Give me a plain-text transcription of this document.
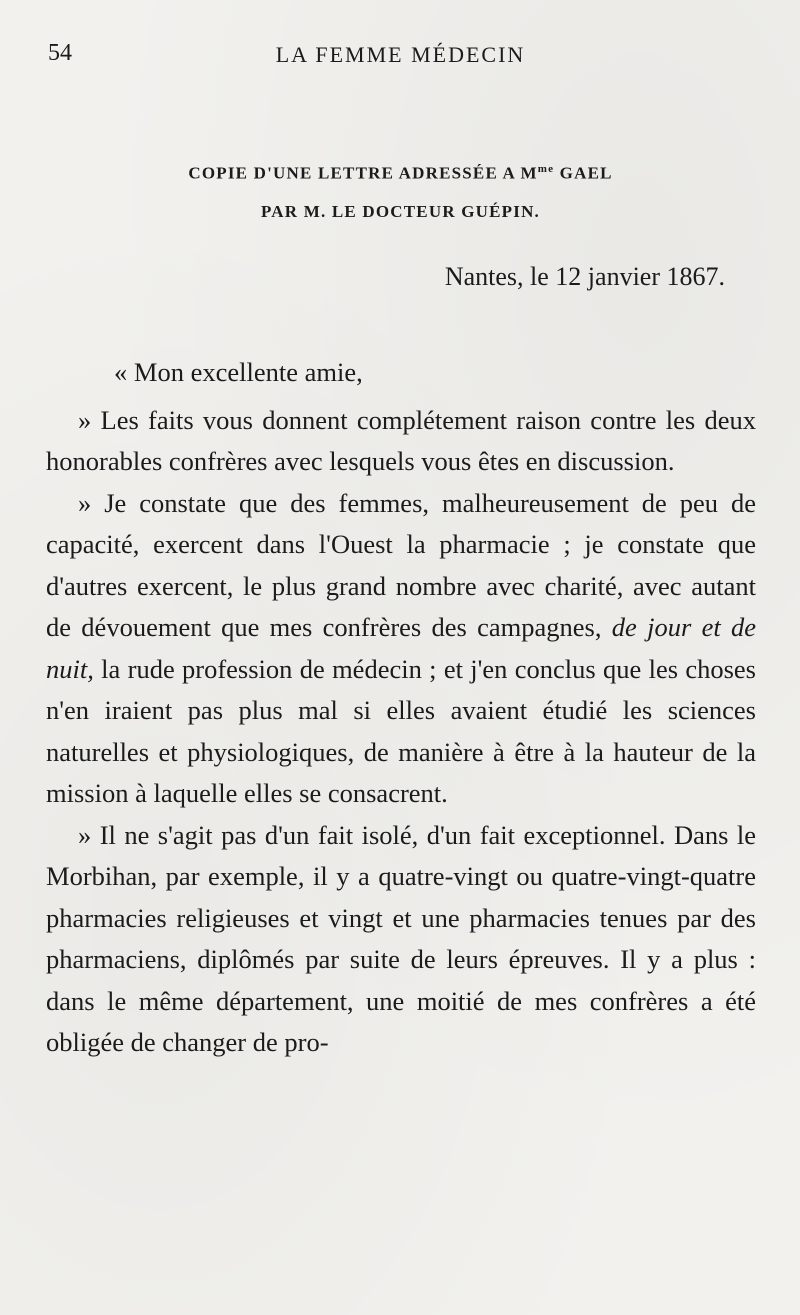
54	LA FEMME MÉDECIN
COPIE D'UNE LETTRE ADRESSÉE A $M^{me}$ GAEL
PAR M. LE DOCTEUR GUÉPIN.
Nantes, le 12 janvier 1867.

« Mon excellente amie,

» Les faits vous donnent complétement raison contre les deux honorables confrères avec lesquels vous êtes en discussion.

» Je constate que des femmes, malheureusement de peu de capacité, exercent dans l'Ouest la pharmacie ; je constate que d'autres exercent, le plus grand nombre avec charité, avec autant de dévouement que mes confrères des campagnes, de jour et de nuit, la rude profession de médecin ; et j'en conclus que les choses n'en iraient pas plus mal si elles avaient étudié les sciences naturelles et physiologiques, de manière à être à la hauteur de la mission à laquelle elles se consacrent.

» Il ne s'agit pas d'un fait isolé, d'un fait exceptionnel. Dans le Morbihan, par exemple, il y a quatre-vingt ou quatre-vingt-quatre pharmacies religieuses et vingt et une pharmacies tenues par des pharmaciens, diplômés par suite de leurs épreuves. Il y a plus : dans le même département, une moitié de mes confrères a été obligée de changer de pro-
